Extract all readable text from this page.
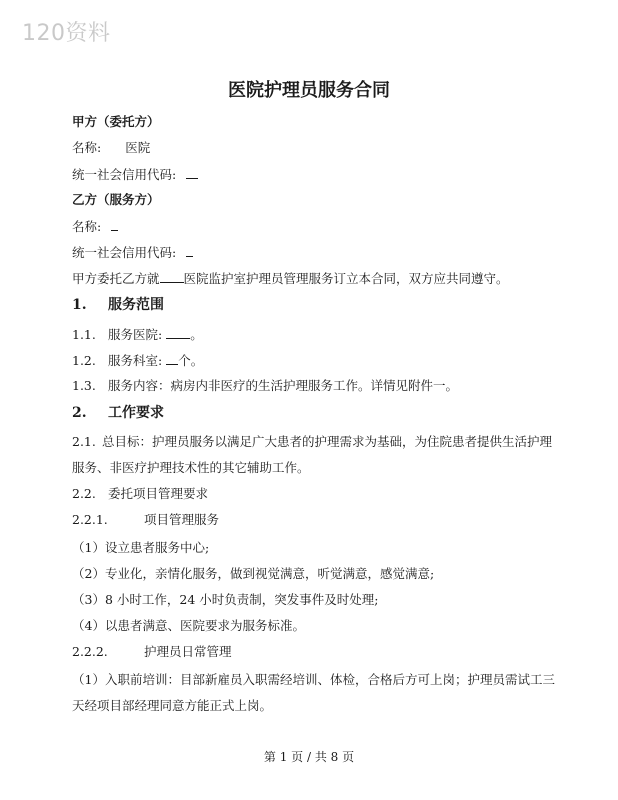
120资料
医院护理员服务合同
甲方（委托方）
名称: 医院
统一社会信用代码:
乙方（服务方）
名称:
统一社会信用代码:
甲方委托乙方就 医院监护室护理员管理服务订立本合同，双方应共同遵守。
1. 服务范围
1.1. 服务医院: 。
1.2. 服务科室: 个。
1.3. 服务内容：病房内非医疗的生活护理服务工作。详情见附件一。
2. 工作要求
2.1. 总目标：护理员服务以满足广大患者的护理需求为基础，为住院患者提供生活护理
服务、非医疗护理技术性的其它辅助工作。
2.2. 委托项目管理要求
2.2.1.	项目管理服务
（1）设立患者服务中心;
（2）专业化，亲情化服务，做到视觉满意，听觉满意，感觉满意;
（3）8 小时工作，24 小时负责制，突发事件及时处理;
（4）以患者满意、医院要求为服务标准。
2.2.2.	护理员日常管理
（1）入职前培训：目部新雇员入职需经培训、体检，合格后方可上岗；护理员需试工三
天经项目部经理同意方能正式上岗。
第 1 页 / 共 8 页
